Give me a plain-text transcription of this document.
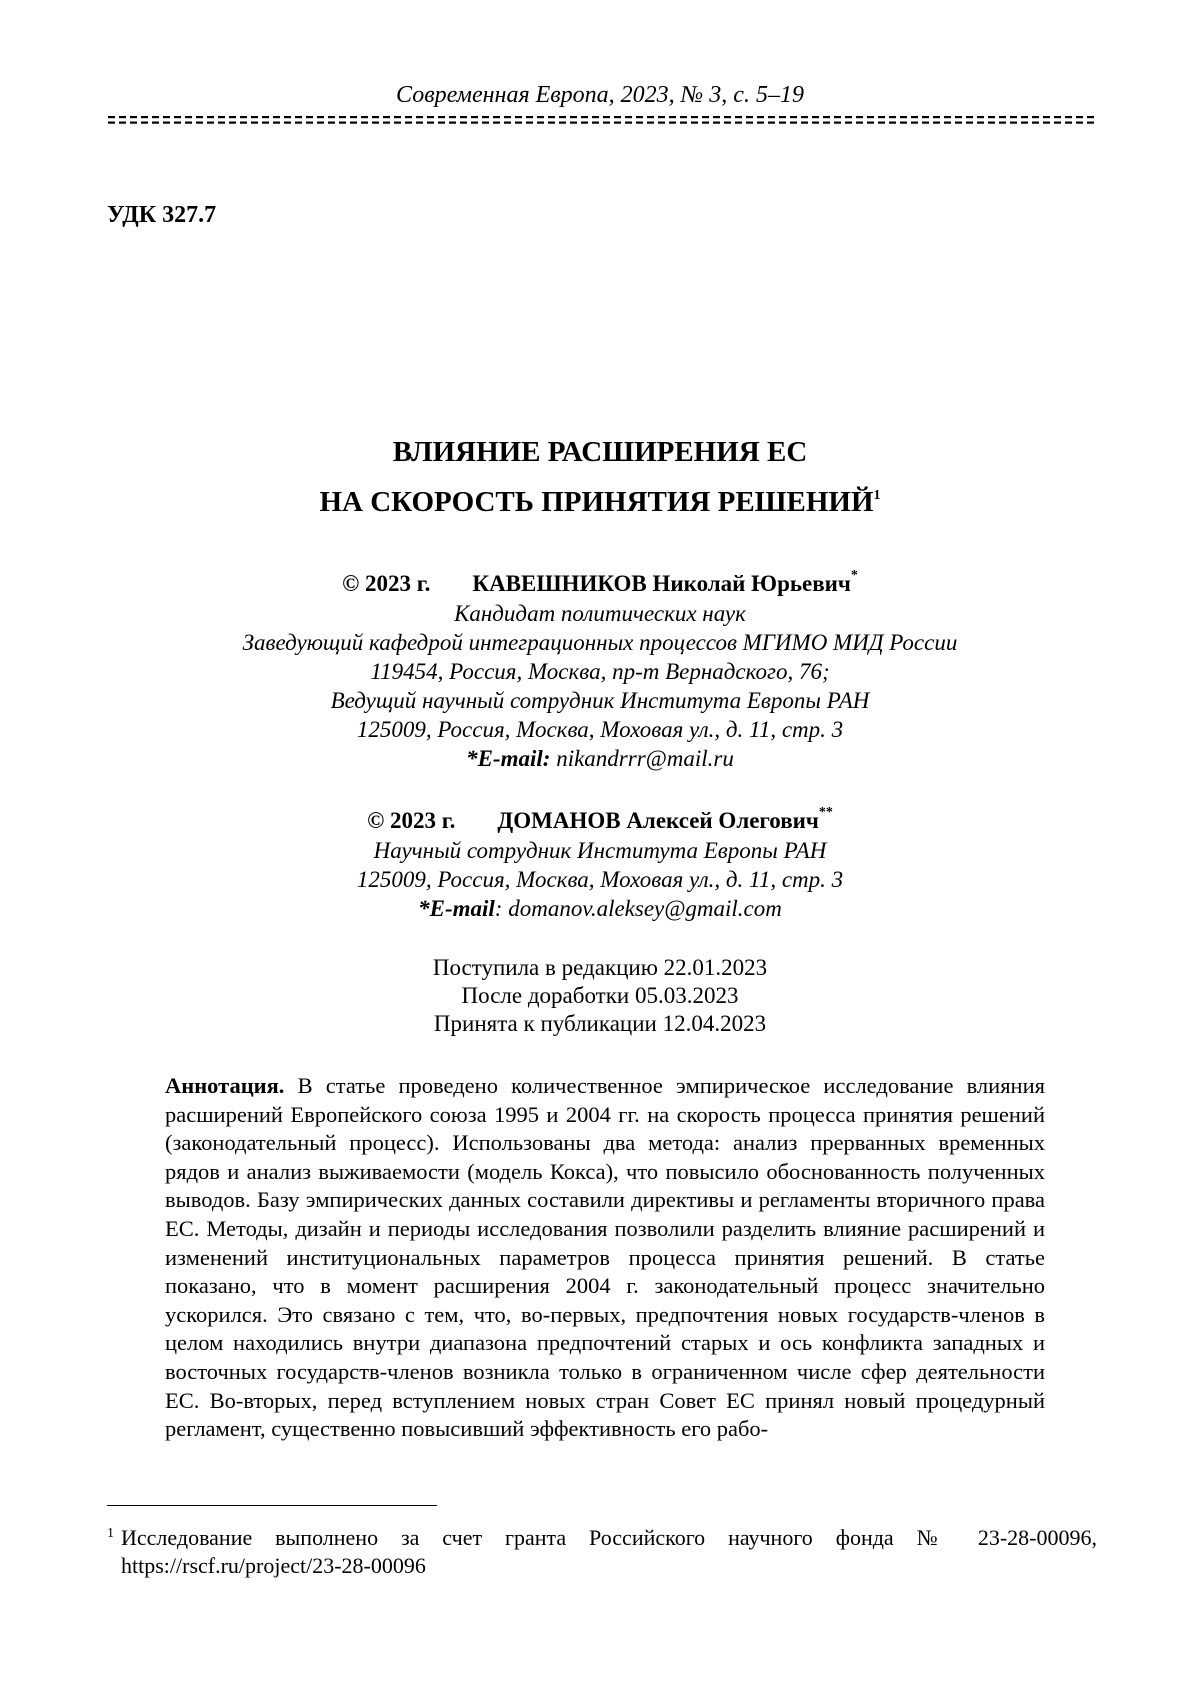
Современная Европа, 2023, № 3, с. 5–19
УДК 327.7
ВЛИЯНИЕ РАСШИРЕНИЯ ЕС
НА СКОРОСТЬ ПРИНЯТИЯ РЕШЕНИЙ$^1$
© 2023 г. КАВЕШНИКОВ Николай Юрьевич*
Кандидат политических наук
Заведующий кафедрой интеграционных процессов МГИМО МИД России
119454, Россия, Москва, пр-т Вернадского, 76;
Ведущий научный сотрудник Института Европы РАН
125009, Россия, Москва, Моховая ул., д. 11, стр. 3
*E-mail: nikandrrr@mail.ru
© 2023 г. ДОМАНОВ Алексей Олегович**
Научный сотрудник Института Европы РАН
125009, Россия, Москва, Моховая ул., д. 11, стр. 3
*E-mail: domanov.aleksey@gmail.com
Поступила в редакцию 22.01.2023
После доработки 05.03.2023
Принята к публикации 12.04.2023
Аннотация. В статье проведено количественное эмпирическое исследование влияния расширений Европейского союза 1995 и 2004 гг. на скорость процесса принятия решений (законодательный процесс). Использованы два метода: анализ прерванных временных рядов и анализ выживаемости (модель Кокса), что повысило обоснованность полученных выводов. Базу эмпирических данных составили директивы и регламенты вторичного права ЕС. Методы, дизайн и периоды исследования позволили разделить влияние расширений и изменений институциональных параметров процесса принятия решений. В статье показано, что в момент расширения 2004 г. законодательный процесс значительно ускорился. Это связано с тем, что, во-первых, предпочтения новых государств-членов в целом находились внутри диапазона предпочтений старых и ось конфликта западных и восточных государств-членов возникла только в ограниченном числе сфер деятельности ЕС. Во-вторых, перед вступлением новых стран Совет ЕС принял новый процедурный регламент, существенно повысивший эффективность его рабо-
1 Исследование выполнено за счет гранта Российского научного фонда № 23-28-00096, https://rscf.ru/project/23-28-00096
